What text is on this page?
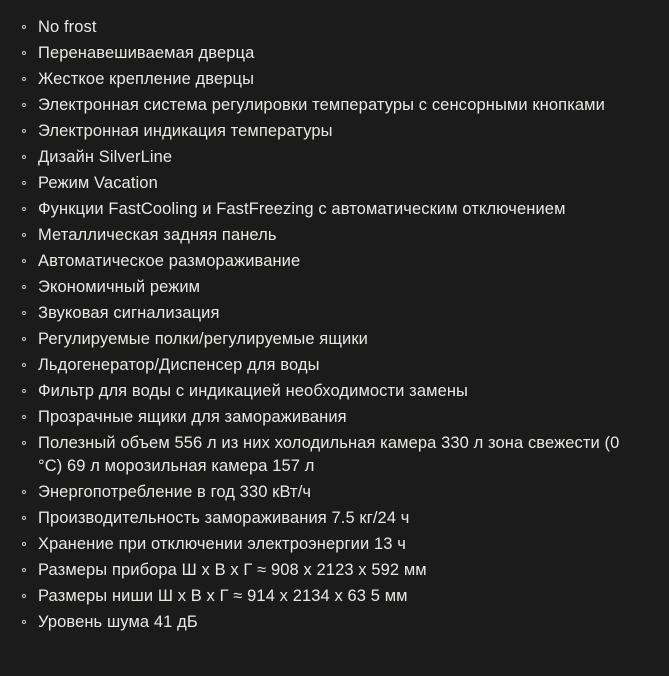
No frost
Перенавешиваемая дверца
Жесткое крепление дверцы
Электронная система регулировки температуры с сенсорными кнопками
Электронная индикация температуры
Дизайн SilverLine
Режим Vacation
Функции FastCooling и FastFreezing с автоматическим отключением
Металлическая задняя панель
Автоматическое размораживание
Экономичный режим
Звуковая сигнализация
Регулируемые полки/регулируемые ящики
Льдогенератор/Диспенсер для воды
Фильтр для воды с индикацией необходимости замены
Прозрачные ящики для замораживания
Полезный объем 556 л из них холодильная камера 330 л зона свежести (0 °C) 69 л морозильная камера 157 л
Энергопотребление в год 330 кВт/ч
Производительность замораживания 7.5 кг/24 ч
Хранение при отключении электроэнергии 13 ч
Размеры прибора Ш х В х Г ≈ 908 х 2123 х 592 мм
Размеры ниши Ш х В х Г ≈ 914 х 2134 х 63 5 мм
Уровень шума 41 дБ
